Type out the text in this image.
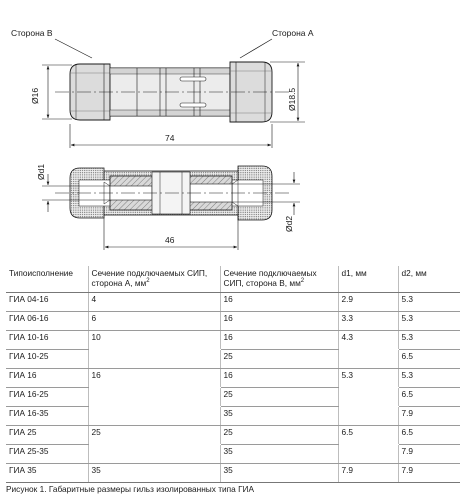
Сторона В	Сторона А
Ø16	Ø18.5
74
Ød1
Ød2
46
Типоисполнение	Сечение подключаемых СИП, сторона А, $мм^2$	Сечение подключаемых СИП, сторона В, $мм^2$	d1, мм	d2, мм
ГИА 04-16	4	16	2.9	5.3
ГИА 06-16	6	16	3.3	5.3
ГИА 10-16	10	16	4.3	5.3
ГИА 10-25		25		6.5
ГИА 16	16	16	5.3	5.3
ГИА 16-25		25		6.5
ГИА 16-35		35		7.9
ГИА 25	25	25	6.5	6.5
ГИА 25-35		35		7.9
ГИА 35	35	35	7.9	7.9
Рисунок 1. Габаритные размеры гильз изолированных типа ГИА
